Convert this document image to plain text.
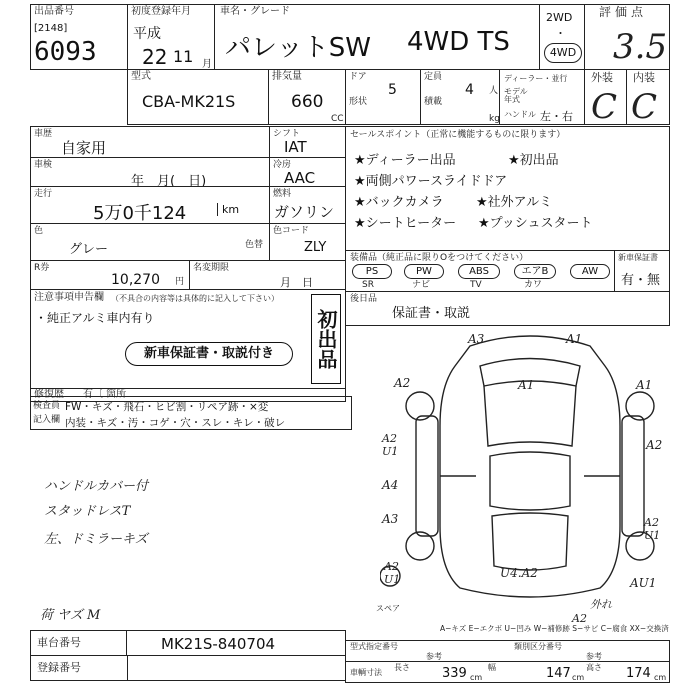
出品番号
[2148]
6093
初度登録年月
平成
22 11 月
車名・グレード
パレットSW 4WD TS
2WD
・
4WD
評価点
3.5
外装
C
内装
C
型式
CBA-MK21S
排気量
660
CC
ドア
5
形状
定員
4 人
積載
kg
ディーラー・並行
モデル年式
ハンドル 左・右
車歴
自家用
車検
年　月(　日)
走行
5万0千124	km
色
グレー	色替
シフト
IAT
冷房
AAC
燃料
ガソリン
色コード
ZLY
R券
10,270 円
名変期限
月　日
セールスポイント（正常に機能するものに限ります）
★ディーラー出品	★初出品
★両側パワースライドドア
★バックカメラ ★社外アルミ
★シートヒーター ★プッシュスタート
装備品（純正品に限りOをつけてください）
PS
SR
PW
ナビ
ABS
TV
エアB
カワ
AW
新車保証書
有・無
後日品
保証書・取説
注意事項申告欄 （不具合の内容等は具体的に記入して下さい）
・純正アルミ車内有り
新車保証書・取説付き	初出品
修復歴 有〔 箇所
検査員
記入欄
FW・キズ・飛石・ヒビ割・リペア跡・×変
内装・キズ・汚・コゲ・穴・スレ・キレ・破レ
ハンドルカバー付
スタッドレスT
左、ドミラーキズ
荷 ヤズ M
A3	A1
A2	A1	A1
A2
A2 U1
A4
A3	A2 U1
A2 U1	U4.A2
AU1
A2
外れ
スペア
A−キズ E−エクボ U−凹み W−補修跡 S−サビ C−腐食 XX−交換済
車台番号	MK21S-840704
登録番号
型式指定番号
参考
類別区分番号
参考
車輌寸法
長さ 339 cm
幅	147 cm
高さ 174 cm
